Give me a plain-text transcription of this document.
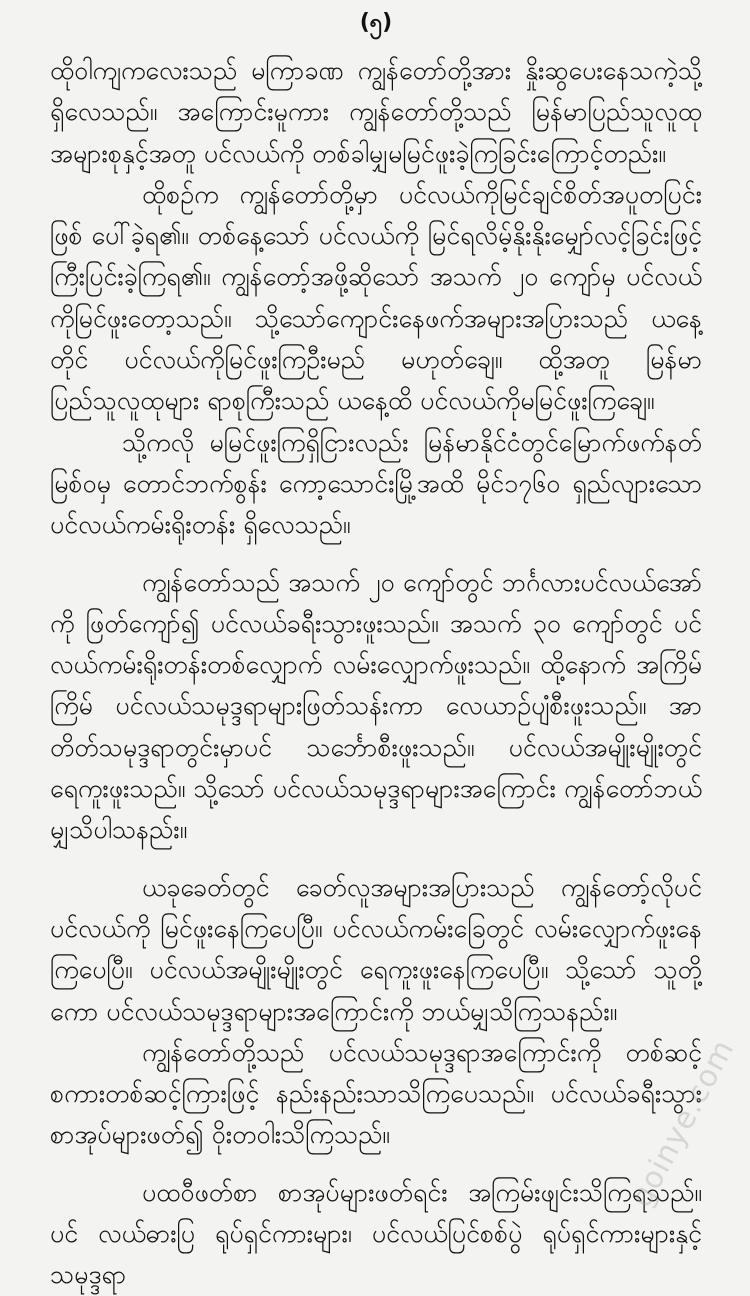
(၅)

ထိုဝါကျကလေးသည် မကြာခဏ ကျွန်တော်တို့အား နှိုးဆွပေးနေသကဲ့သို့ ရှိလေသည်။ အကြောင်းမူကား ကျွန်တော်တို့သည် မြန်မာပြည်သူလူထု အများစုနှင့်အတူ ပင်လယ်ကို တစ်ခါမျှမမြင်ဖူးခဲ့ကြခြင်းကြောင့်တည်း။

ထိုစဉ်က ကျွန်တော်တို့မှာ ပင်လယ်ကိုမြင်ချင်စိတ်အပူတပြင်းဖြစ် ပေါ်ခဲ့ရ၏။ တစ်နေ့သော် ပင်လယ်ကို မြင်ရလိမ့်နိုးနိုးမျှော်လင့်ခြင်းဖြင့် ကြီးပြင်းခဲ့ကြရ၏။ ကျွန်တော့်အဖို့ဆိုသော် အသက် ၂၀ ကျော်မှ ပင်လယ် ကိုမြင်ဖူးတော့သည်။ သို့သော်ကျောင်းနေဖက်အများအပြားသည် ယနေ့တိုင် ပင်လယ်ကိုမြင်ဖူးကြဦးမည် မဟုတ်ချေ။ ထို့အတူ မြန်မာပြည်သူလူထုများ ရာစုကြီးသည် ယနေ့ထိ ပင်လယ်ကိုမမြင်ဖူးကြချေ။

သို့ကလို မမြင်ဖူးကြရှိငြားလည်း မြန်မာနိုင်ငံတွင်မြောက်ဖက်နတ် မြစ်ဝမှ တောင်ဘက်စွန်း ကော့သောင်းမြို့အထိ မိုင်၁၇၆၀ ရှည်လျားသော ပင်လယ်ကမ်းရိုးတန်း ရှိလေသည်။

ကျွန်တော်သည် အသက် ၂၀ ကျော်တွင် ဘင်္ဂလားပင်လယ်အော် ကို ဖြတ်ကျော်၍ ပင်လယ်ခရီးသွားဖူးသည်။ အသက် ၃၀ ကျော်တွင် ပင် လယ်ကမ်းရိုးတန်းတစ်လျှောက် လမ်းလျှောက်ဖူးသည်။ ထို့နောက် အကြိမ် ကြိမ် ပင်လယ်သမုဒ္ဒရာများဖြတ်သန်းကာ လေယာဉ်ပျံစီးဖူးသည်။ အာ တိတ်သမုဒ္ဒရာတွင်းမှာပင် သင်္ဘောစီးဖူးသည်။ ပင်လယ်အမျိုးမျိုးတွင် ရေကူးဖူးသည်။ သို့သော် ပင်လယ်သမုဒ္ဒရာများအကြောင်း ကျွန်တော်ဘယ် မျှသိပါသနည်း။

ယခုခေတ်တွင် ခေတ်လူအများအပြားသည် ကျွန်တော့်လိုပင် ပင်လယ်ကို မြင်ဖူးနေကြပေပြီ။ ပင်လယ်ကမ်းခြေတွင် လမ်းလျှောက်ဖူးနေ ကြပေပြီ။ ပင်လယ်အမျိုးမျိုးတွင် ရေကူးဖူးနေကြပေပြီ။ သို့သော် သူတို့ ကော ပင်လယ်သမုဒ္ဒရာများအကြောင်းကို ဘယ်မျှသိကြသနည်း။

ကျွန်တော်တို့သည် ပင်လယ်သမုဒ္ဒရာအကြောင်းကို တစ်ဆင့် စကားတစ်ဆင့်ကြားဖြင့် နည်းနည်းသာသိကြပေသည်။ ပင်လယ်ခရီးသွား စာအုပ်များဖတ်၍ ဝိုးတဝါးသိကြသည်။

ပထဝီဖတ်စာ စာအုပ်များဖတ်ရင်း အကြမ်းဖျင်းသိကြရသည်။ ပင် လယ်ဓားပြ ရုပ်ရှင်ကားများ၊ ပင်လယ်ပြင်စစ်ပွဲ ရုပ်ရှင်ကားများနှင့် သမုဒ္ဒရာ

goinye.com
